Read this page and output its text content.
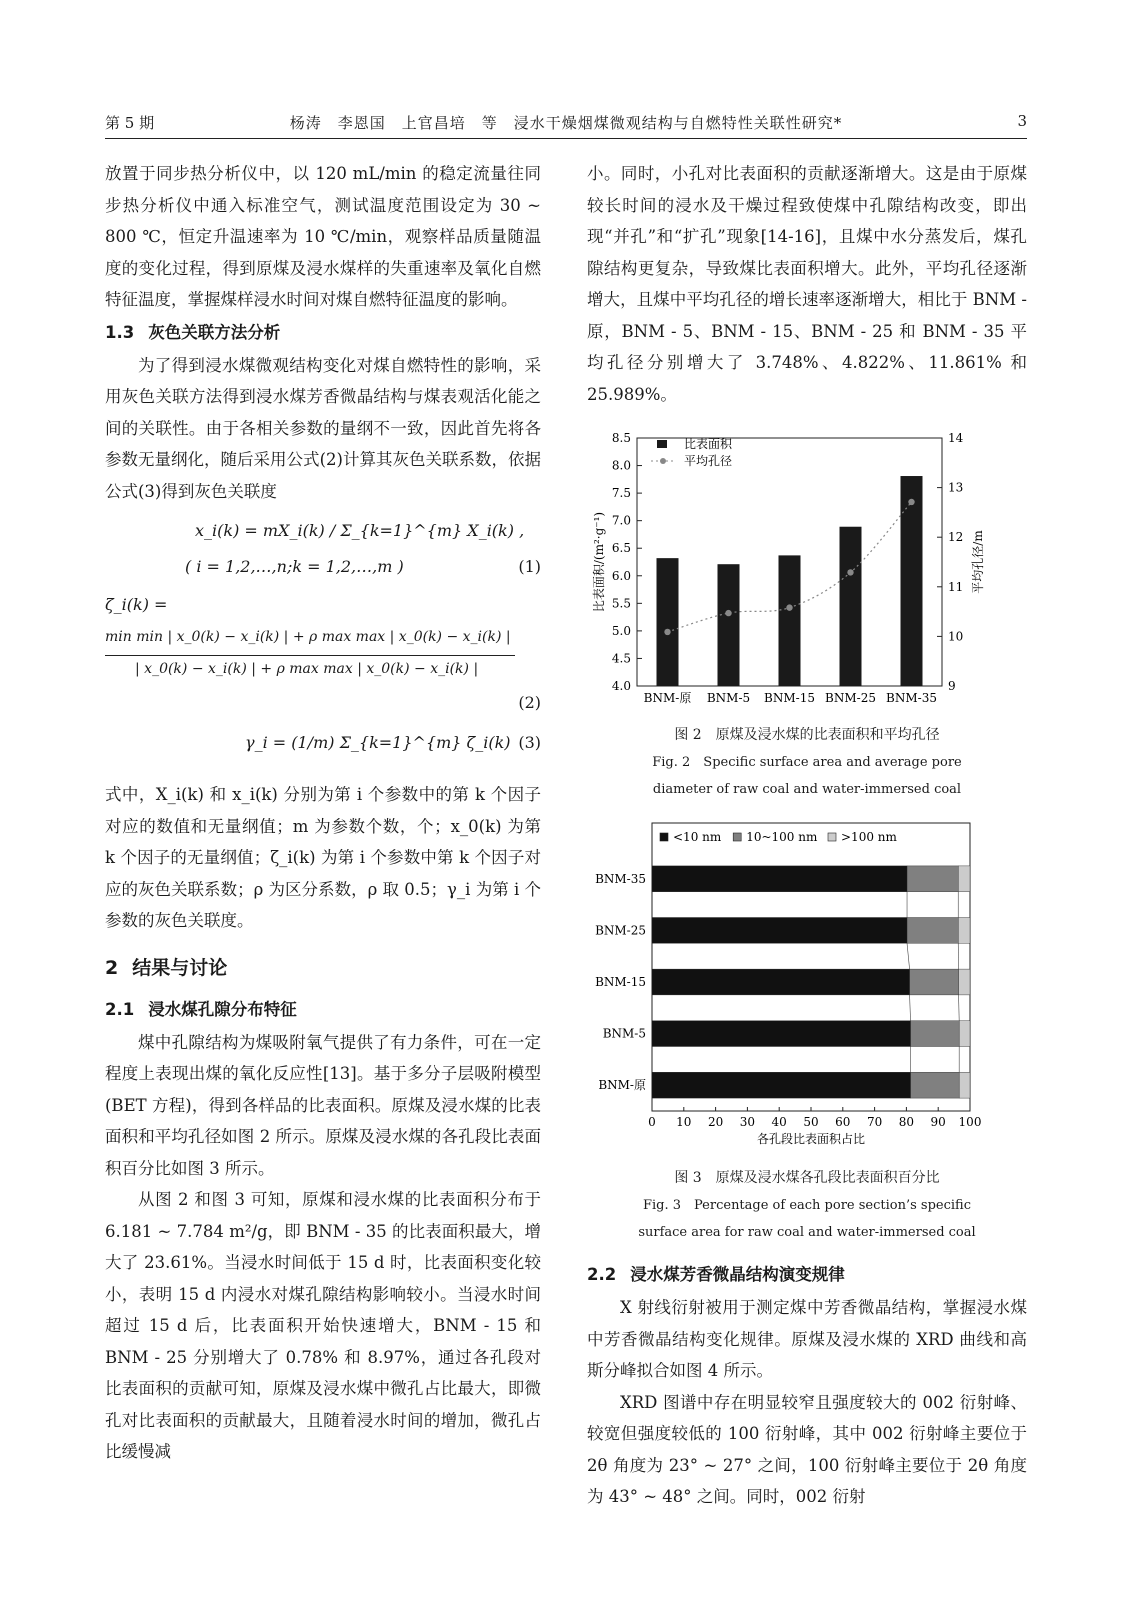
第 5 期	杨涛　李恩国　上官昌培　等　 浸水干燥烟煤微观结构与自燃特性关联性研究*	3

放置于同步热分析仪中，以 120 mL/min 的稳定流量往同步热分析仪中通入标准空气，测试温度范围设定为 30 ~ 800 ℃，恒定升温速率为 10 ℃/min，观察样品质量随温度的变化过程，得到原煤及浸水煤样的失重速率及氧化自燃特征温度，掌握煤样浸水时间对煤自燃特征温度的影响。

1.3 灰色关联方法分析

为了得到浸水煤微观结构变化对煤自燃特性的影响，采用灰色关联方法得到浸水煤芳香微晶结构与煤表观活化能之间的关联性。由于各相关参数的量纲不一致，因此首先将各参数无量纲化，随后采用公式(2)计算其灰色关联系数，依据公式(3)得到灰色关联度

x_i(k) = mX_i(k) / Σ_{k=1}^{m} X_i(k) ,
( i = 1,2,…,n;k = 1,2,…,m )	(1)
ζ_i(k) =
min min | x_0(k) − x_i(k) | + ρ max max | x_0(k) − x_i(k) |
| x_0(k) − x_i(k) | + ρ max max | x_0(k) − x_i(k) |
(2)
γ_i = (1/m) Σ_{k=1}^{m} ζ_i(k) (3)

式中，X_i(k) 和 x_i(k) 分别为第 i 个参数中的第 k 个因子对应的数值和无量纲值；m 为参数个数，个；x_0(k) 为第 k 个因子的无量纲值；ζ_i(k) 为第 i 个参数中第 k 个因子对应的灰色关联系数；ρ 为区分系数，ρ 取 0.5；γ_i 为第 i 个参数的灰色关联度。

2 结果与讨论
2.1 浸水煤孔隙分布特征

煤中孔隙结构为煤吸附氧气提供了有力条件，可在一定程度上表现出煤的氧化反应性[13]。基于多分子层吸附模型(BET 方程)，得到各样品的比表面积。原煤及浸水煤的比表面积和平均孔径如图 2 所示。原煤及浸水煤的各孔段比表面积百分比如图 3 所示。

从图 2 和图 3 可知，原煤和浸水煤的比表面积分布于 6.181 ~ 7.784 m²/g，即 BNM - 35 的比表面积最大，增大了 23.61%。当浸水时间低于 15 d 时，比表面积变化较小，表明 15 d 内浸水对煤孔隙结构影响较小。当浸水时间超过 15 d 后，比表面积开始快速增大，BNM - 15 和 BNM - 25 分别增大了 0.78% 和 8.97%，通过各孔段对比表面积的贡献可知，原煤及浸水煤中微孔占比最大，即微孔对比表面积的贡献最大，且随着浸水时间的增加，微孔占比缓慢减

小。同时，小孔对比表面积的贡献逐渐增大。这是由于原煤较长时间的浸水及干燥过程致使煤中孔隙结构改变，即出现“并孔”和“扩孔”现象[14-16]，且煤中水分蒸发后，煤孔隙结构更复杂，导致煤比表面积增大。此外，平均孔径逐渐增大，且煤中平均孔径的增长速率逐渐增大，相比于 BNM - 原，BNM - 5、BNM - 15、BNM - 25 和 BNM - 35 平均孔径分别增大了 3.748%、4.822%、11.861% 和 25.989%。

4.0
4.5
5.0
5.5
6.0
6.5
7.0
7.5
8.0
8.5
9
10
11
12
13
14
BNM-原 BNM-5 BNM-15 BNM-25 BNM-35
比表面积/(m²·g⁻¹)	平均孔径/m
比表面积
平均孔径
图 2　原煤及浸水煤的比表面积和平均孔径
Fig. 2　Specific surface area and average pore
diameter of raw coal and water-immersed coal
<10 nm 10~100 nm >100 nm
BNM-35
BNM-25
BNM-15
BNM-5
BNM-原
0 10 20 30 40 50 60 70 80 90 100
各孔段比表面积占比
图 3　原煤及浸水煤各孔段比表面积百分比
Fig. 3　Percentage of each pore section’s specific
surface area for raw coal and water-immersed coal
2.2 浸水煤芳香微晶结构演变规律

X 射线衍射被用于测定煤中芳香微晶结构，掌握浸水煤中芳香微晶结构变化规律。原煤及浸水煤的 XRD 曲线和高斯分峰拟合如图 4 所示。

XRD 图谱中存在明显较窄且强度较大的 002 衍射峰、较宽但强度较低的 100 衍射峰，其中 002 衍射峰主要位于 2θ 角度为 23° ~ 27° 之间，100 衍射峰主要位于 2θ 角度为 43° ~ 48° 之间。同时，002 衍射
